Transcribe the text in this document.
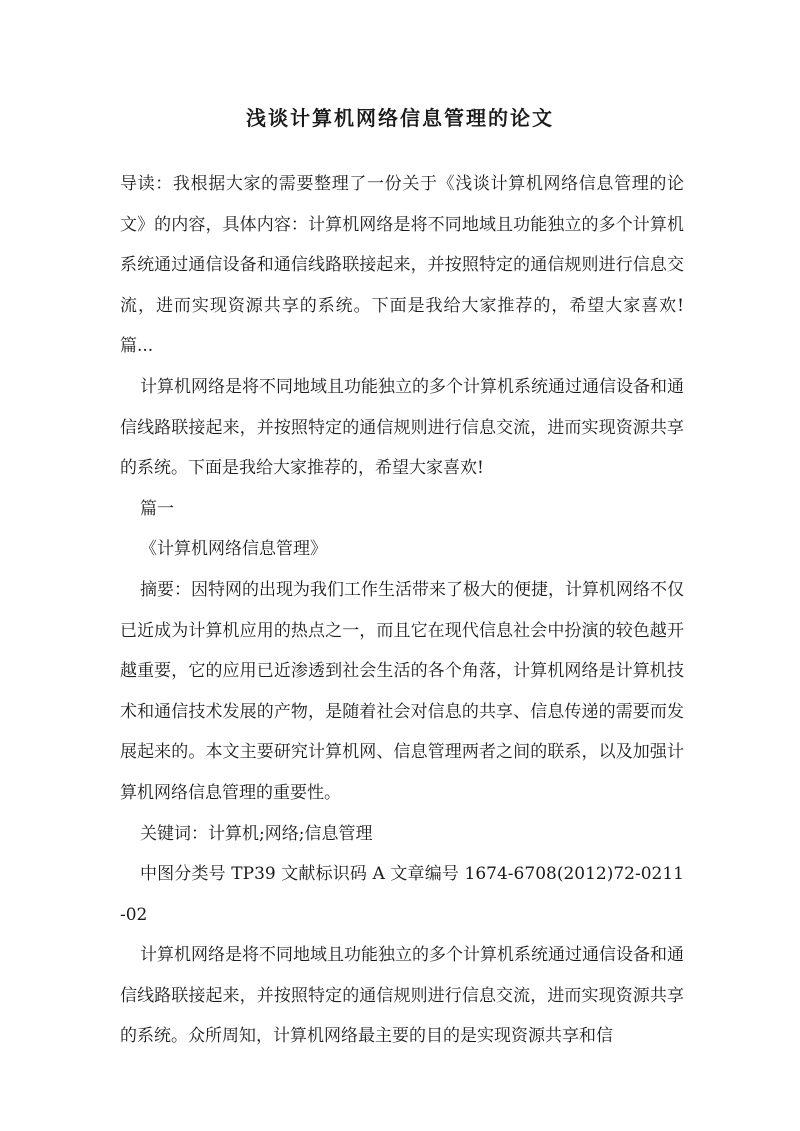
浅谈计算机网络信息管理的论文

导读：我根据大家的需要整理了一份关于《浅谈计算机网络信息管理的论文》的内容，具体内容：计算机网络是将不同地域且功能独立的多个计算机系统通过通信设备和通信线路联接起来，并按照特定的通信规则进行信息交流，进而实现资源共享的系统。下面是我给大家推荐的，希望大家喜欢!篇...

计算机网络是将不同地域且功能独立的多个计算机系统通过通信设备和通信线路联接起来，并按照特定的通信规则进行信息交流，进而实现资源共享的系统。下面是我给大家推荐的，希望大家喜欢!

篇一

《计算机网络信息管理》

摘要：因特网的出现为我们工作生活带来了极大的便捷，计算机网络不仅已近成为计算机应用的热点之一，而且它在现代信息社会中扮演的较色越开越重要，它的应用已近渗透到社会生活的各个角落，计算机网络是计算机技术和通信技术发展的产物，是随着社会对信息的共享、信息传递的需要而发展起来的。本文主要研究计算机网、信息管理两者之间的联系，以及加强计算机网络信息管理的重要性。

关键词：计算机;网络;信息管理

中图分类号 TP39 文献标识码 A 文章编号 1674-6708(2012)72-0211-02

计算机网络是将不同地域且功能独立的多个计算机系统通过通信设备和通信线路联接起来，并按照特定的通信规则进行信息交流，进而实现资源共享的系统。众所周知，计算机网络最主要的目的是实现资源共享和信
